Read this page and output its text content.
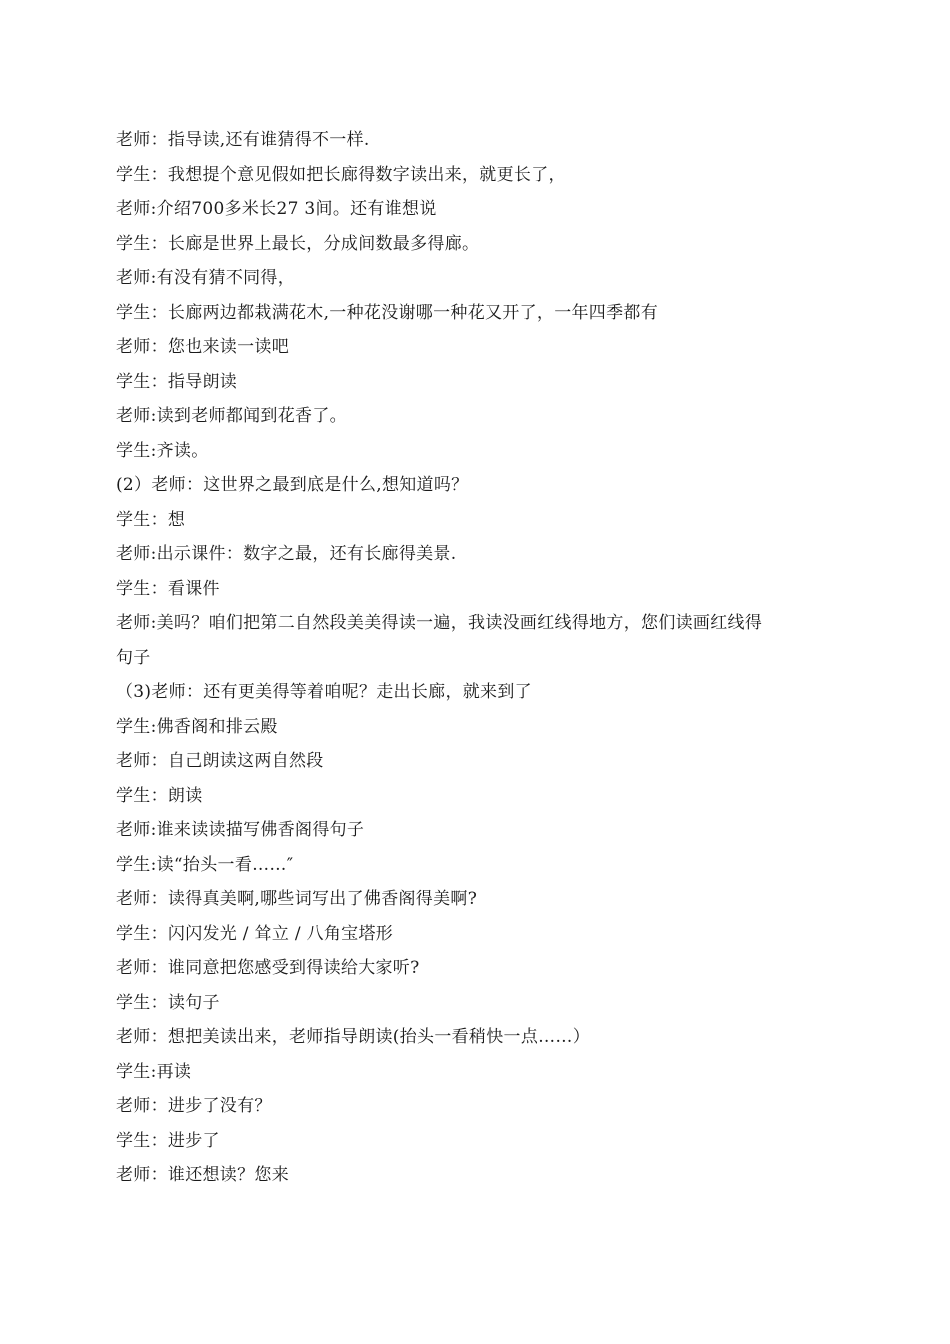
老师：指导读,还有谁猜得不一样.
学生：我想提个意见假如把长廊得数字读出来，就更长了，
老师:介绍700多米长27 3间。还有谁想说
学生：长廊是世界上最长，分成间数最多得廊。
老师:有没有猜不同得，
学生：长廊两边都栽满花木,一种花没谢哪一种花又开了，一年四季都有
老师：您也来读一读吧
学生：指导朗读
老师:读到老师都闻到花香了。
学生:齐读。
(2）老师：这世界之最到底是什么,想知道吗？
学生：想
老师:出示课件：数字之最，还有长廊得美景.
学生：看课件
老师:美吗？咱们把第二自然段美美得读一遍，我读没画红线得地方，您们读画红线得
句子
（3)老师：还有更美得等着咱呢？走出长廊，就来到了
学生:佛香阁和排云殿
老师：自己朗读这两自然段
学生：朗读
老师:谁来读读描写佛香阁得句子
学生:读“抬头一看……″
老师：读得真美啊,哪些词写出了佛香阁得美啊?
学生：闪闪发光 / 耸立 / 八角宝塔形
老师：谁同意把您感受到得读给大家听?
学生：读句子
老师：想把美读出来，老师指导朗读(抬头一看稍快一点……）
学生:再读
老师：进步了没有？
学生：进步了
老师：谁还想读？您来
